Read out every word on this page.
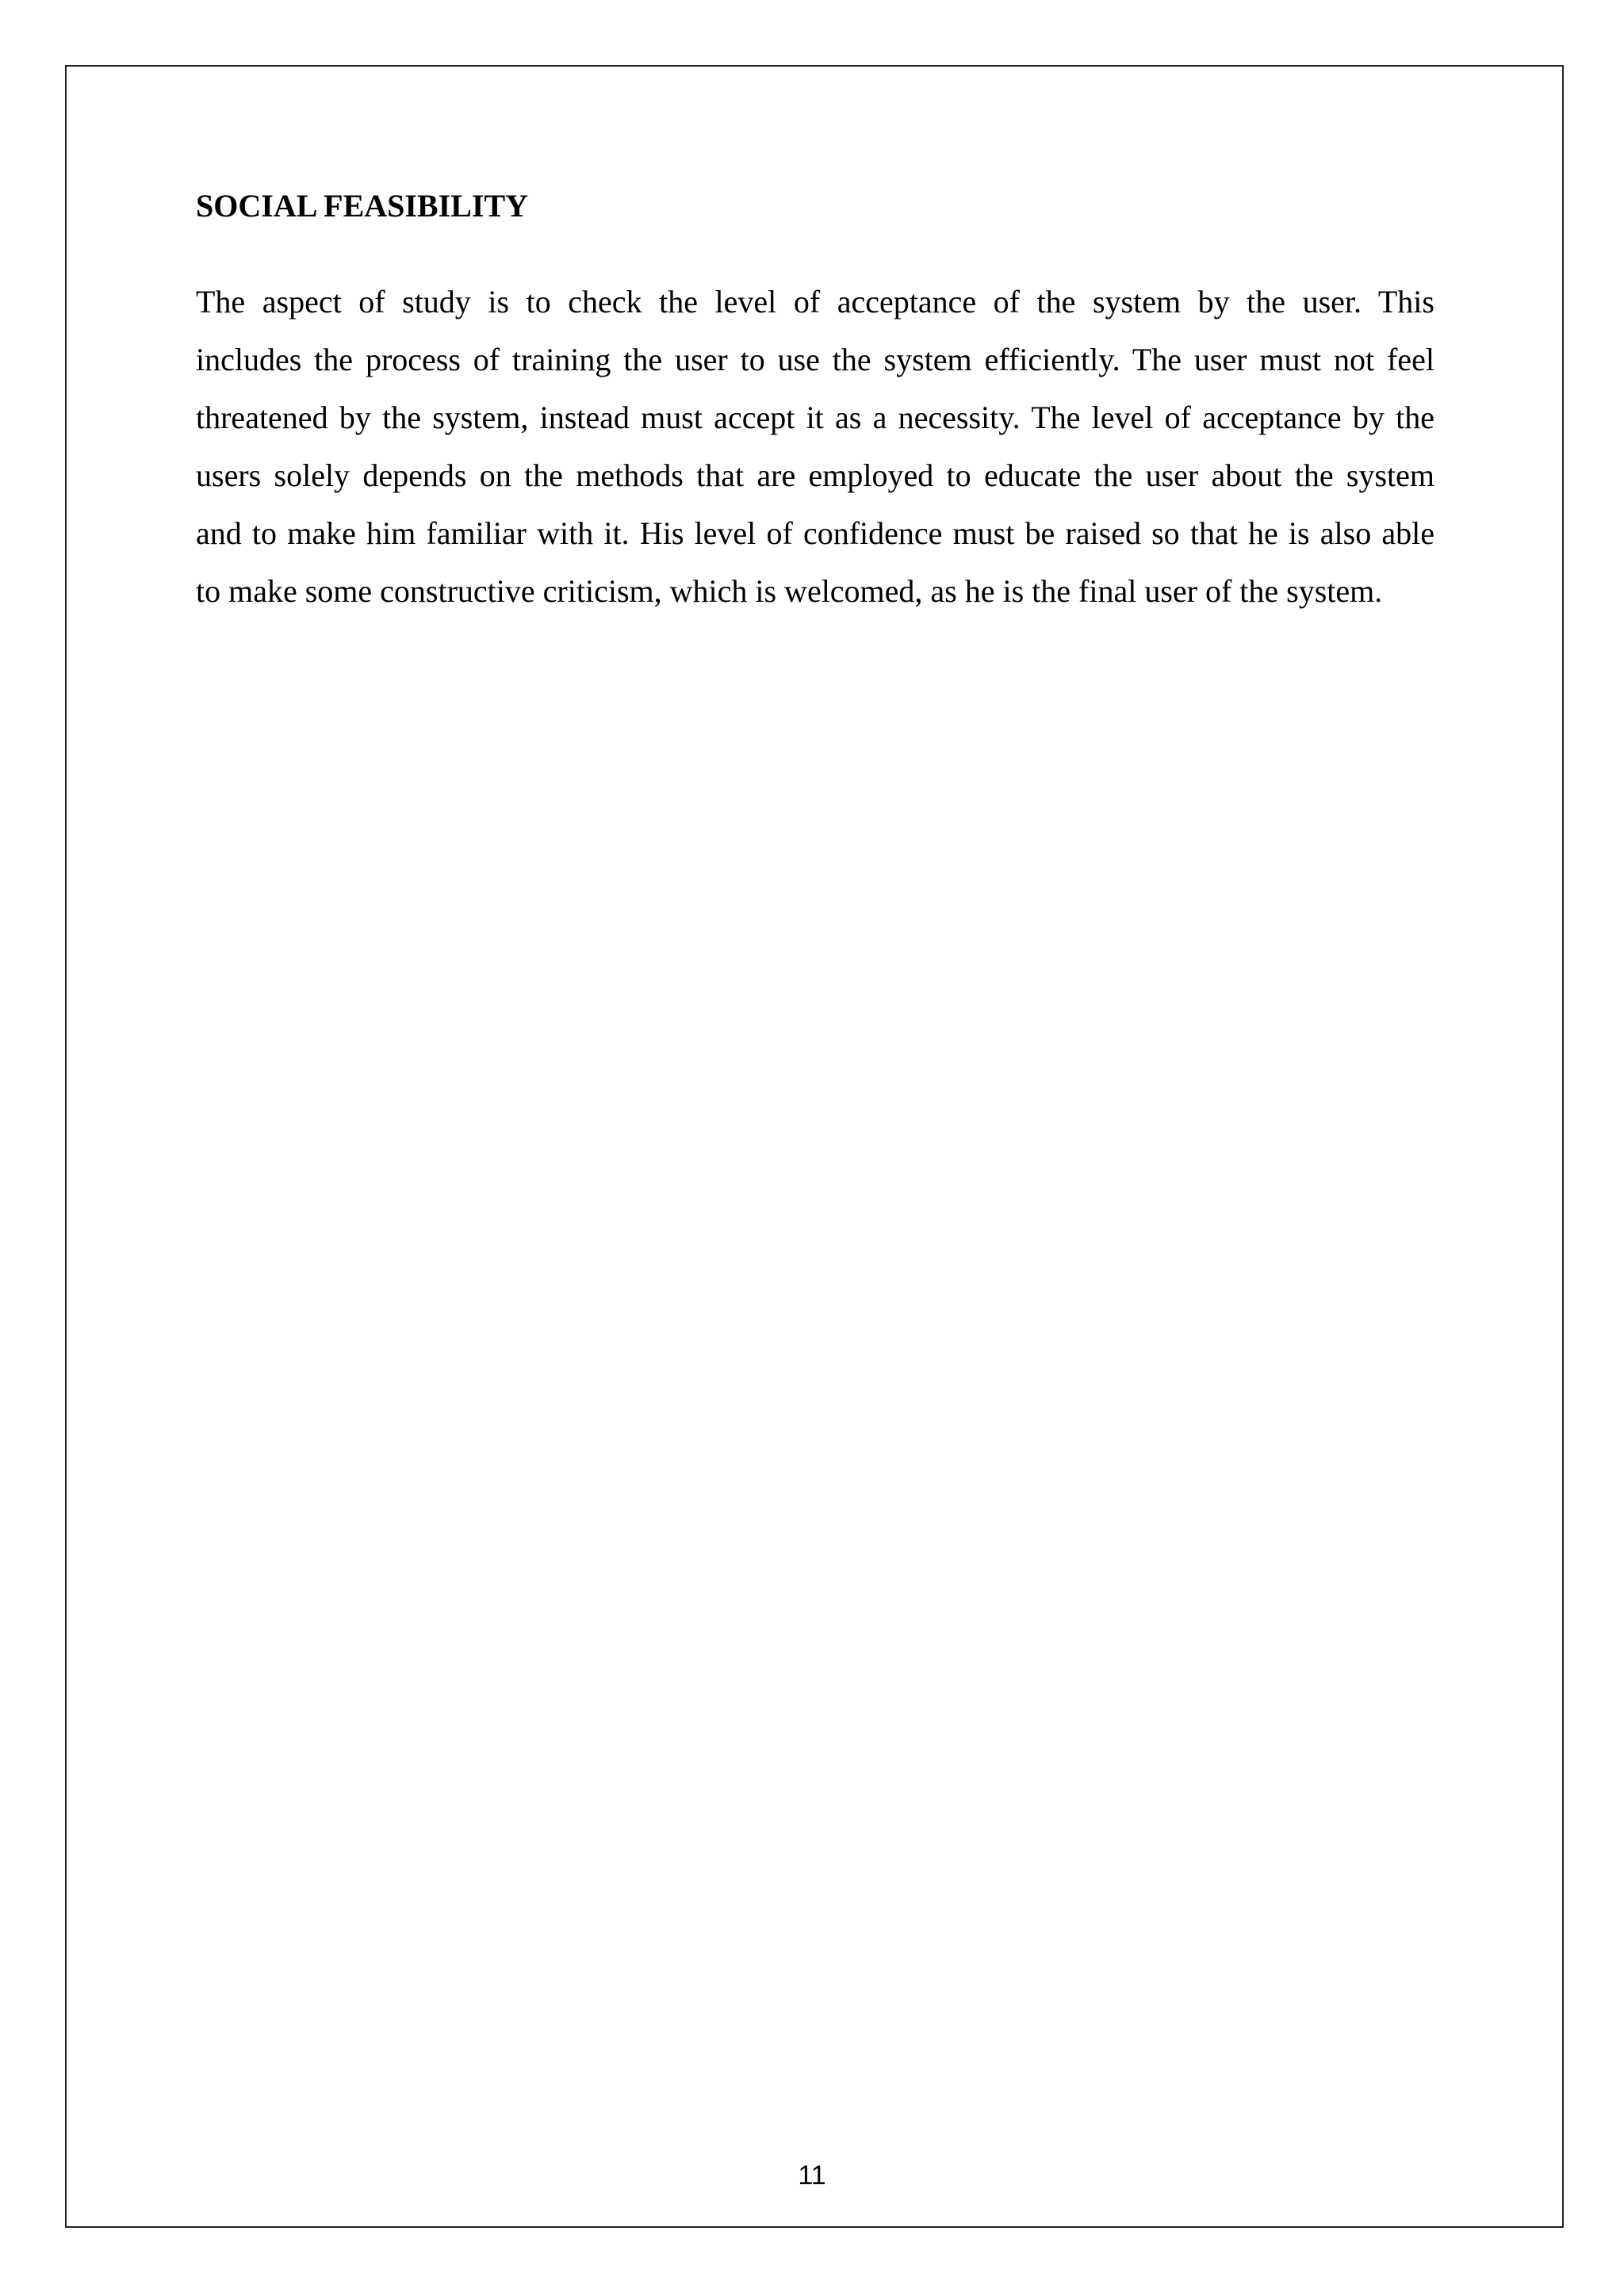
SOCIAL FEASIBILITY

The aspect of study is to check the level of acceptance of the system by the user. This
includes the process of training the user to use the system efficiently. The user must not feel
threatened by the system, instead must accept it as a necessity. The level of acceptance by the
users solely depends on the methods that are employed to educate the user about the system
and to make him familiar with it. His level of confidence must be raised so that he is also able
to make some constructive criticism, which is welcomed, as he is the final user of the system.

11
